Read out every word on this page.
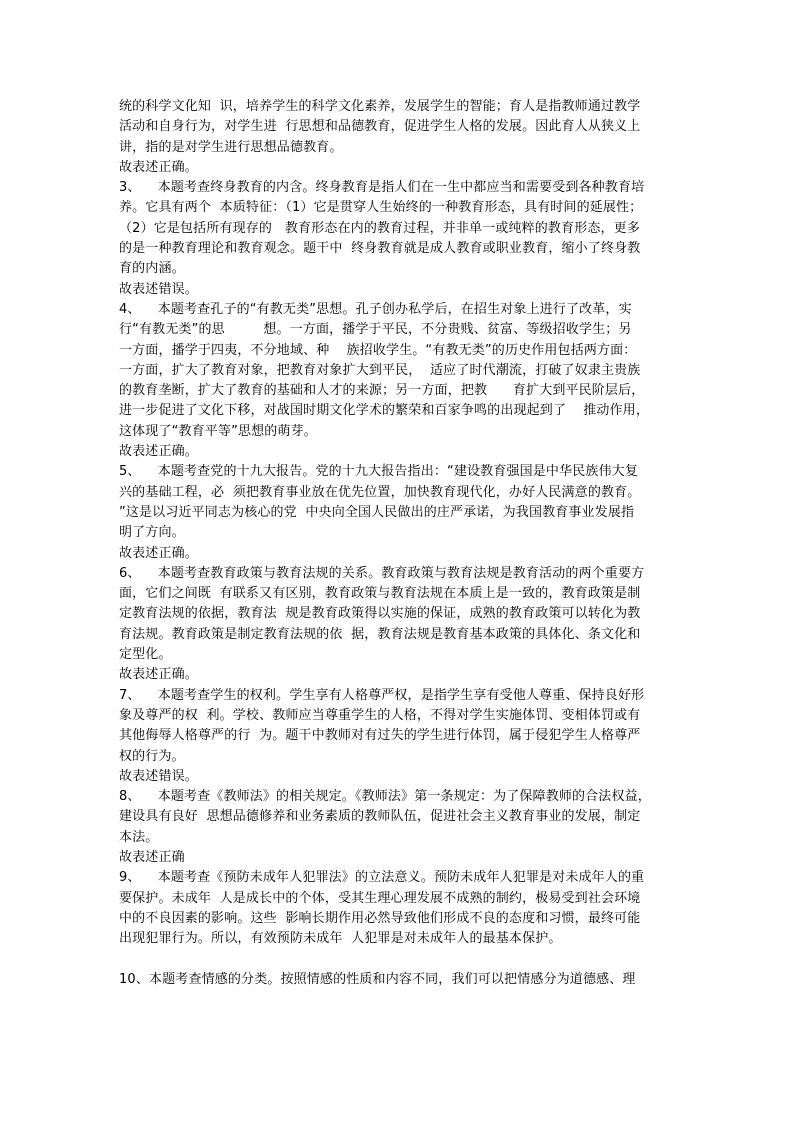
统的科学文化知  识，培养学生的科学文化素养，发展学生的智能；育人是指教师通过教学
活动和自身行为，对学生进  行思想和品德教育，促进学生人格的发展。因此育人从狭义上
讲，指的是对学生进行思想品德教育。
故表述正确。
3、    本题考查终身教育的内含。终身教育是指人们在一生中都应当和需要受到各种教育培
养。它具有两个  本质特征：（1）它是贯穿人生始终的一种教育形态，具有时间的延展性；
（2）它是包括所有现存的   教育形态在内的教育过程，并非单一或纯粹的教育形态，更多
的是一种教育理论和教育观念。题干中  终身教育就是成人教育或职业教育，缩小了终身教
育的内涵。
故表述错误。
4、    本题考查孔子的“有教无类”思想。孔子创办私学后，在招生对象上进行了改革，实
行“有教无类”的思         想。一方面，播学于平民，不分贵贱、贫富、等级招收学生；另
一方面，播学于四夷，不分地域、种    族招收学生。“有教无类”的历史作用包括两方面：
一方面，扩大了教育对象，把教育对象扩大到平民，  适应了时代潮流，打破了奴隶主贵族
的教育垄断，扩大了教育的基础和人才的来源；另一方面，把教      育扩大到平民阶层后，
进一步促进了文化下移，对战国时期文化学术的繁荣和百家争鸣的出现起到了    推动作用，
这体现了“教育平等”思想的萌芽。
故表述正确。
5、    本题考查党的十九大报告。党的十九大报告指出：“建设教育强国是中华民族伟大复
兴的基础工程，必  须把教育事业放在优先位置，加快教育现代化，办好人民满意的教育。
”这是以习近平同志为核心的党  中央向全国人民做出的庄严承诺，为我国教育事业发展指
明了方向。
故表述正确。
6、    本题考查教育政策与教育法规的关系。教育政策与教育法规是教育活动的两个重要方
面，它们之间既  有联系又有区别，教育政策与教育法规在本质上是一致的，教育政策是制
定教育法规的依据，教育法  规是教育政策得以实施的保证，成熟的教育政策可以转化为教
育法规。教育政策是制定教育法规的依  据，教育法规是教育基本政策的具体化、条文化和
定型化。
故表述正确。
7、    本题考查学生的权利。学生享有人格尊严权，是指学生享有受他人尊重、保持良好形
象及尊严的权  利。学校、教师应当尊重学生的人格，不得对学生实施体罚、变相体罚或有
其他侮辱人格尊严的行  为。题干中教师对有过失的学生进行体罚，属于侵犯学生人格尊严
权的行为。
故表述错误。
8、    本题考查《教师法》的相关规定。《教师法》第一条规定：为了保障教师的合法权益，
建设具有良好  思想品德修养和业务素质的教师队伍，促进社会主义教育事业的发展，制定
本法。
故表述正确
9、    本题考查《预防未成年人犯罪法》的立法意义。预防未成年人犯罪是对未成年人的重
要保护。未成年  人是成长中的个体，受其生理心理发展不成熟的制约，极易受到社会环境
中的不良因素的影响。这些  影响长期作用必然导致他们形成不良的态度和习惯，最终可能
出现犯罪行为。所以，有效预防未成年  人犯罪是对未成年人的最基本保护。
10、本题考查情感的分类。按照情感的性质和内容不同，我们可以把情感分为道德感、理
